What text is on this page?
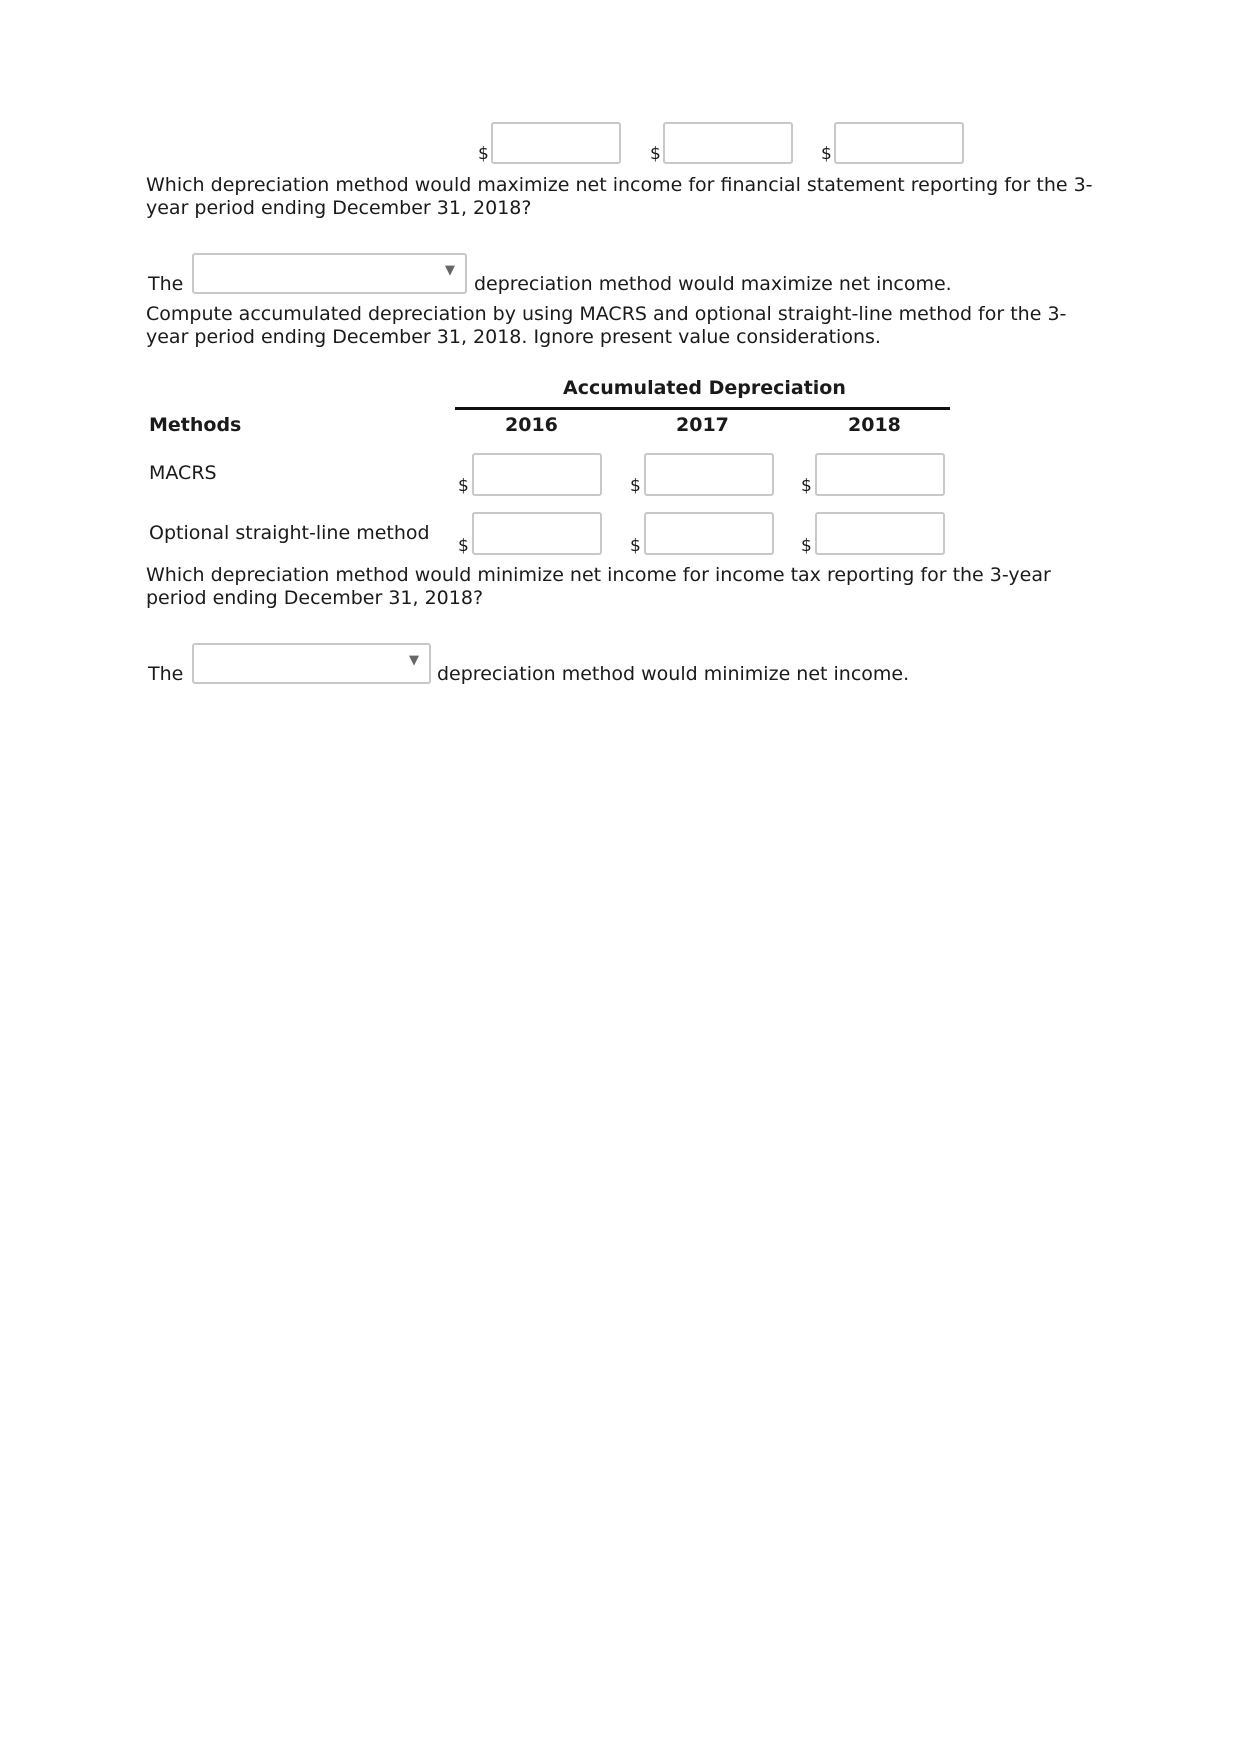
$	$	$
Which depreciation method would maximize net income for financial statement reporting for the 3-
year period ending December 31, 2018?
The
▼
depreciation method would maximize net income.
Compute accumulated depreciation by using MACRS and optional straight-line method for the 3-
year period ending December 31, 2018. Ignore present value considerations.
Accumulated Depreciation
Methods	2016	2017	2018
MACRS
$	$	$
Optional straight-line method
$	$	$
Which depreciation method would minimize net income for income tax reporting for the 3-year
period ending December 31, 2018?
The
▼
depreciation method would minimize net income.
